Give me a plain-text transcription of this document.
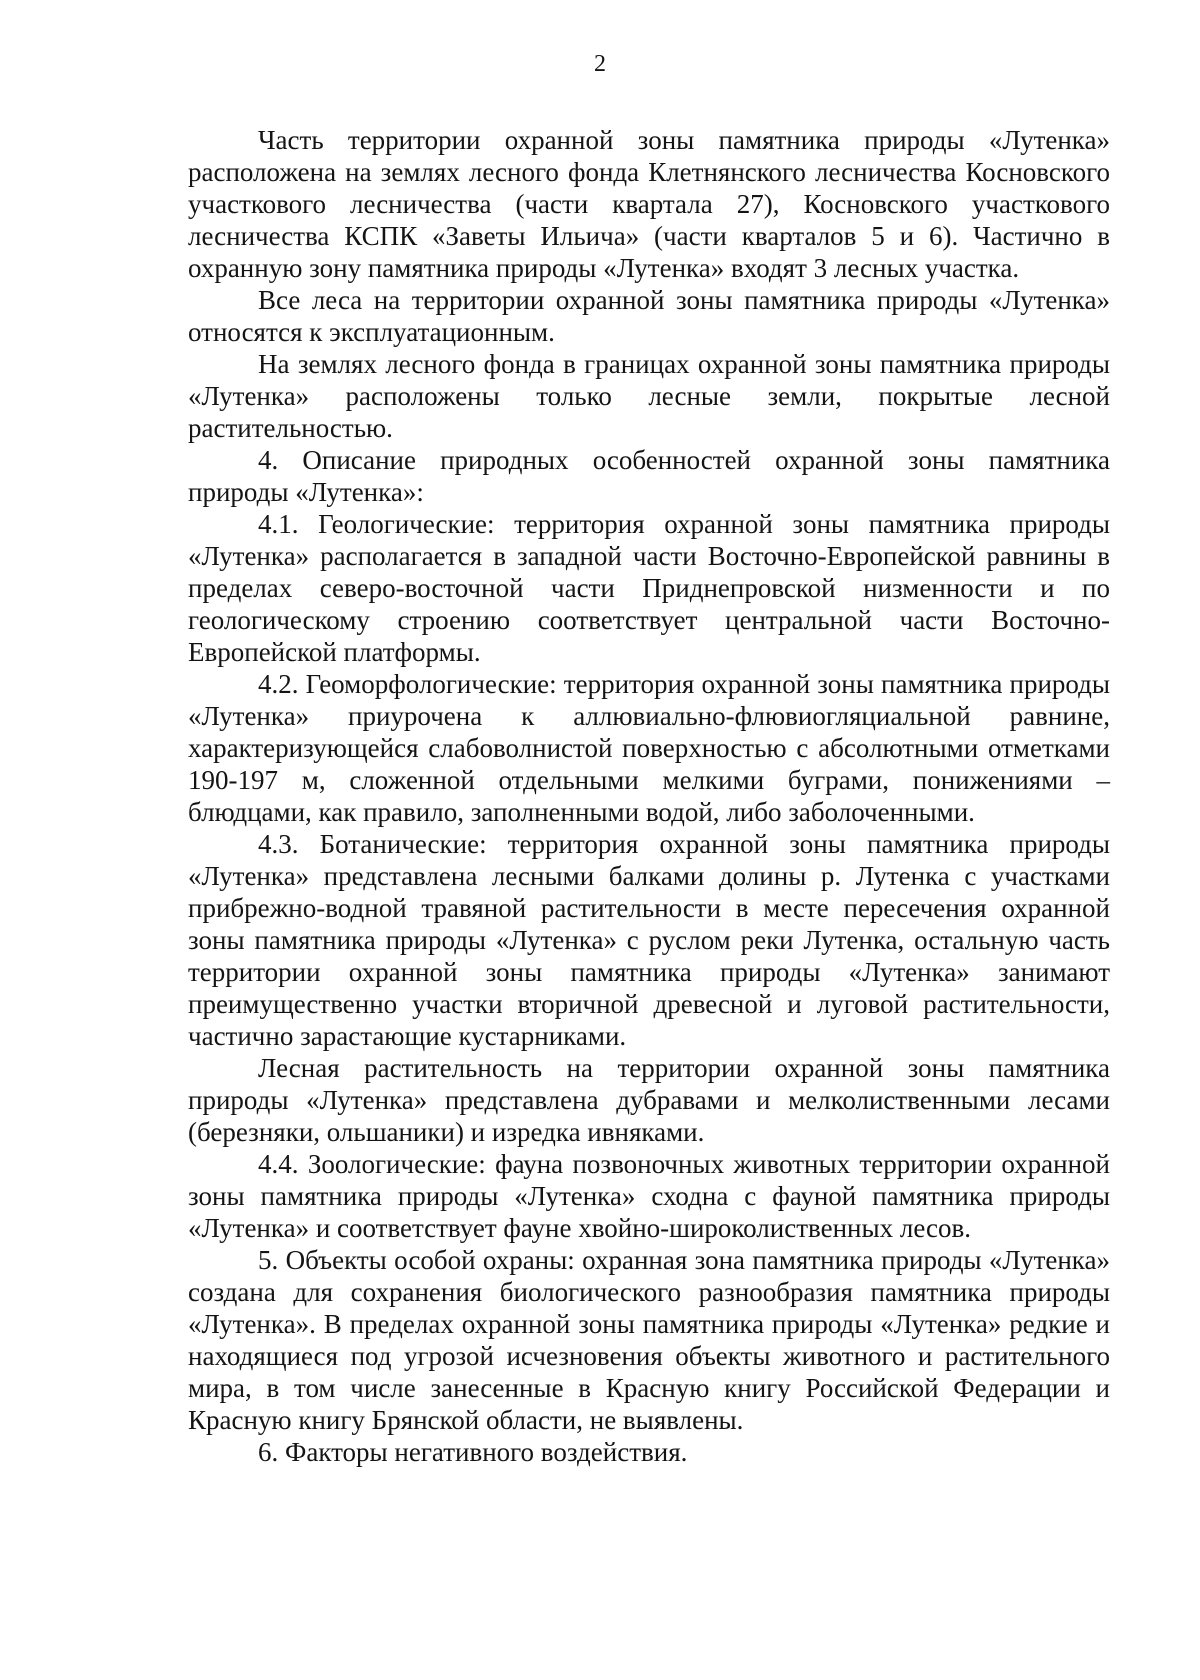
2

Часть территории охранной зоны памятника природы «Лутенка» расположена на землях лесного фонда Клетнянского лесничества Косновского участкового лесничества (части квартала 27), Косновского участкового лесничества КСПК «Заветы Ильича» (части кварталов 5 и 6). Частично в охранную зону памятника природы «Лутенка» входят 3 лесных участка.

Все леса на территории охранной зоны памятника природы «Лутенка» относятся к эксплуатационным.

На землях лесного фонда в границах охранной зоны памятника природы «Лутенка» расположены только лесные земли, покрытые лесной растительностью.

4. Описание природных особенностей охранной зоны памятника природы «Лутенка»:

4.1. Геологические: территория охранной зоны памятника природы «Лутенка» располагается в западной части Восточно-Европейской равнины в пределах северо-восточной части Приднепровской низменности и по геологическому строению соответствует центральной части Восточно-Европейской платформы.

4.2. Геоморфологические: территория охранной зоны памятника природы «Лутенка» приурочена к аллювиально-флювиогляциальной равнине, характеризующейся слабоволнистой поверхностью с абсолютными отметками 190-197 м, сложенной отдельными мелкими буграми, понижениями – блюдцами, как правило, заполненными водой, либо заболоченными.

4.3. Ботанические: территория охранной зоны памятника природы «Лутенка» представлена лесными балками долины р. Лутенка с участками прибрежно-водной травяной растительности в месте пересечения охранной зоны памятника природы «Лутенка» с руслом реки Лутенка, остальную часть территории охранной зоны памятника природы «Лутенка» занимают преимущественно участки вторичной древесной и луговой растительности, частично зарастающие кустарниками.

Лесная растительность на территории охранной зоны памятника природы «Лутенка» представлена дубравами и мелколиственными лесами (березняки, ольшаники) и изредка ивняками.

4.4. Зоологические: фауна позвоночных животных территории охранной зоны памятника природы «Лутенка» сходна с фауной памятника природы «Лутенка» и соответствует фауне хвойно-широколиственных лесов.

5. Объекты особой охраны: охранная зона памятника природы «Лутенка» создана для сохранения биологического разнообразия памятника природы «Лутенка». В пределах охранной зоны памятника природы «Лутенка» редкие и находящиеся под угрозой исчезновения объекты животного и растительного мира, в том числе занесенные в Красную книгу Российской Федерации и Красную книгу Брянской области, не выявлены.

6. Факторы негативного воздействия.
